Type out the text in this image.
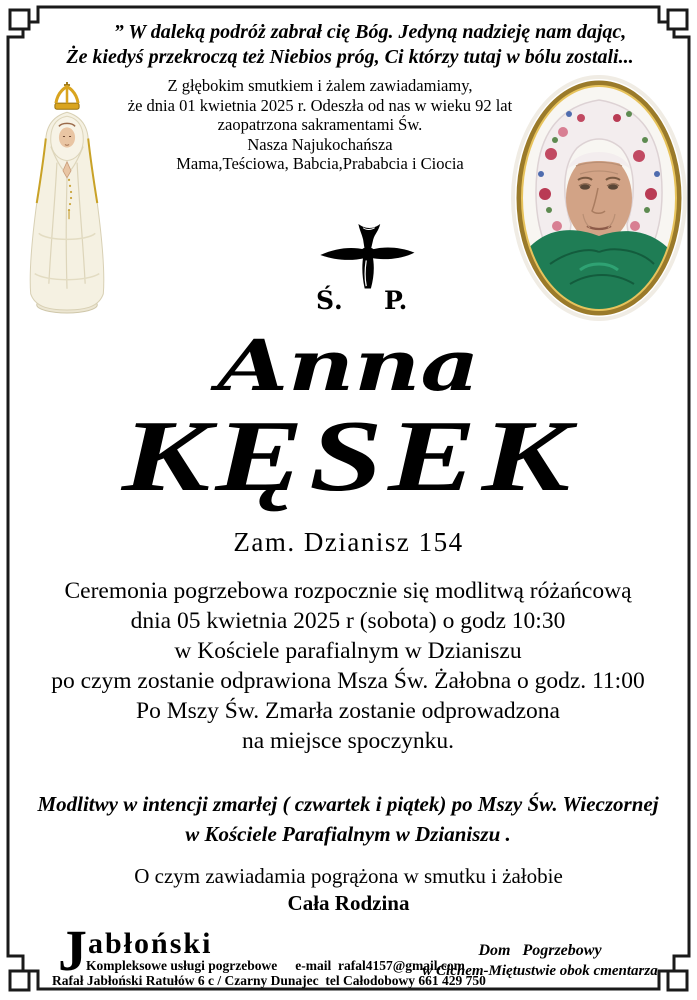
” W daleką podróż zabrał cię Bóg. Jedyną nadzieję nam dając,
Że kiedyś przekroczą też Niebios próg, Ci którzy tutaj w bólu zostali...
Z głębokim smutkiem i żalem zawiadamiamy,
że dnia 01 kwietnia 2025 r. Odeszła od nas w wieku 92 lat
zaopatrzona sakramentami Św.
Nasza Najukochańsza
Mama,Teściowa, Babcia,Prababcia i Ciocia
Ś. P.
Anna
KĘSEK
Zam. Dzianisz 154
Ceremonia pogrzebowa rozpocznie się modlitwą różańcową
dnia 05 kwietnia 2025 r (sobota) o godz 10:30
w Kościele parafialnym w Dzianiszu
po czym zostanie odprawiona Msza Św. Żałobna o godz. 11:00
Po Mszy Św. Zmarła zostanie odprowadzona
na miejsce spoczynku.
Modlitwy w intencji zmarłej ( czwartek i piątek) po Mszy Św. Wieczornej
w Kościele Parafialnym w Dzianiszu .
O czym zawiadamia pogrążona w smutku i żałobie
Cała Rodzina
J abłoński
Kompleksowe usługi pogrzebowe e-mail  rafal4157@gmail.com
Rafał Jabłoński Ratułów 6 c / Czarny Dunajec  tel Całodobowy 661 429 750
Dom   Pogrzebowy
w Cichem-Miętustwie obok cmentarza
